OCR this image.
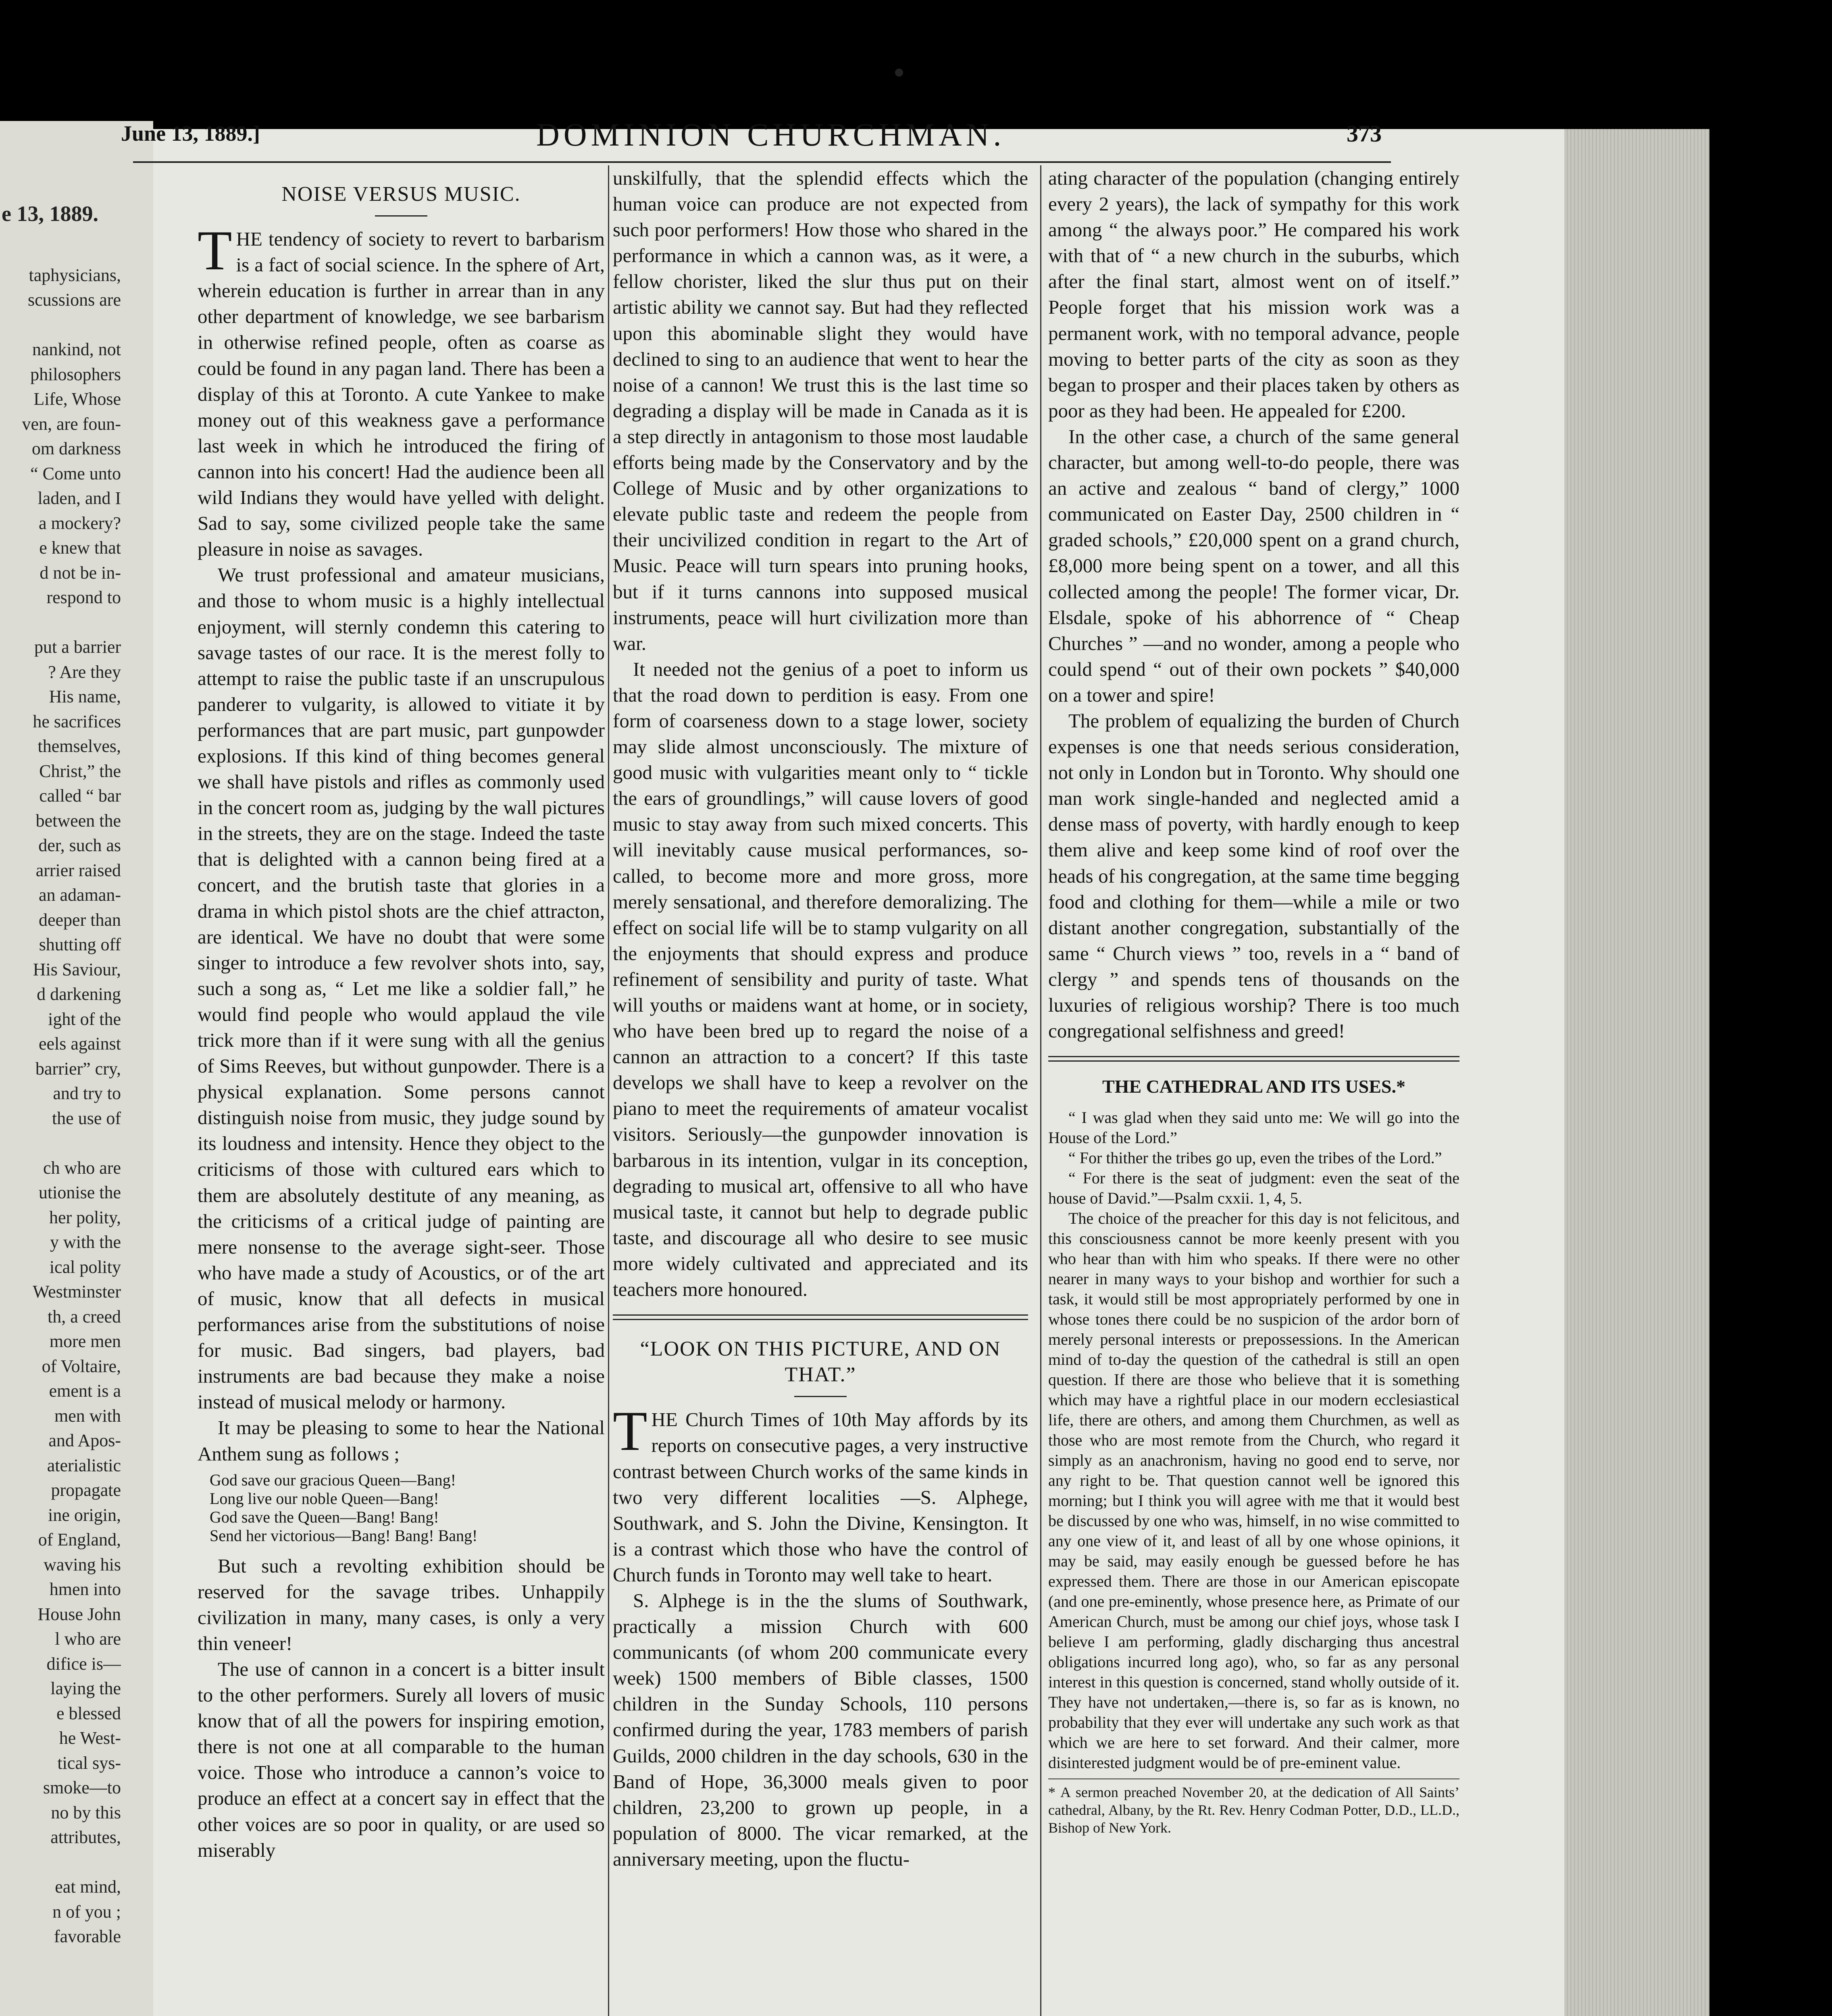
e 13, 1889.
taphysicians,
scussions are

nankind, not
philosophers
Life, Whose
ven, are foun-
om darkness
“ Come unto
laden, and I
a mockery?
e knew that
d not be in-
respond to

put a barrier
? Are they
His name,
he sacrifices
themselves,
Christ,” the
called “ bar
between the
der, such as
arrier raised
an adaman-
deeper than
shutting off
His Saviour,
d darkening
ight of the
eels against
barrier” cry,
and try to
the use of

ch who are
utionise the
her polity,
y with the
ical polity
Westminster
th, a creed
more men
of Voltaire,
ement is a
men with
and Apos-
aterialistic
propagate
ine origin,
of England,
waving his
hmen into
House John
l who are
difice is—
laying the
e blessed
he West-
tical sys-
smoke—to
no by this
attributes,

eat mind,
n of you ;
favorable
June 13, 1889.]	DOMINION CHURCHMAN.	373
NOISE VERSUS MUSIC.

THE tendency of society to revert to barbarism is a fact of social science. In the sphere of Art, wherein education is further in arrear than in any other department of knowledge, we see barbarism in otherwise refined people, often as coarse as could be found in any pagan land. There has been a display of this at Toronto. A cute Yankee to make money out of this weakness gave a performance last week in which he introduced the firing of cannon into his concert! Had the audience been all wild Indians they would have yelled with delight. Sad to say, some civilized people take the same pleasure in noise as savages.

We trust professional and amateur musicians, and those to whom music is a highly intellectual enjoyment, will sternly condemn this catering to savage tastes of our race. It is the merest folly to attempt to raise the public taste if an unscrupulous panderer to vulgarity, is allowed to vitiate it by performances that are part music, part gunpowder explosions. If this kind of thing becomes general we shall have pistols and rifles as commonly used in the concert room as, judging by the wall pictures in the streets, they are on the stage. Indeed the taste that is delighted with a cannon being fired at a concert, and the brutish taste that glories in a drama in which pistol shots are the chief attracton, are identical. We have no doubt that were some singer to introduce a few revolver shots into, say, such a song as, “ Let me like a soldier fall,” he would find people who would applaud the vile trick more than if it were sung with all the genius of Sims Reeves, but without gunpowder. There is a physical explanation. Some persons cannot distinguish noise from music, they judge sound by its loudness and intensity. Hence they object to the criticisms of those with cultured ears which to them are absolutely destitute of any meaning, as the criticisms of a critical judge of painting are mere nonsense to the average sight-seer. Those who have made a study of Acoustics, or of the art of music, know that all defects in musical performances arise from the substitutions of noise for music. Bad singers, bad players, bad instruments are bad because they make a noise instead of musical melody or harmony.

It may be pleasing to some to hear the National Anthem sung as follows ;

God save our gracious Queen—Bang!
Long live our noble Queen—Bang!
God save the Queen—Bang! Bang!
Send her victorious—Bang! Bang! Bang!

But such a revolting exhibition should be reserved for the savage tribes. Unhappily civilization in many, many cases, is only a very thin veneer!

The use of cannon in a concert is a bitter insult to the other performers. Surely all lovers of music know that of all the powers for inspiring emotion, there is not one at all comparable to the human voice. Those who introduce a cannon’s voice to produce an effect at a concert say in effect that the other voices are so poor in quality, or are used so miserably

unskilfully, that the splendid effects which the human voice can produce are not expected from such poor performers! How those who shared in the performance in which a cannon was, as it were, a fellow chorister, liked the slur thus put on their artistic ability we cannot say. But had they reflected upon this abominable slight they would have declined to sing to an audience that went to hear the noise of a cannon! We trust this is the last time so degrading a display will be made in Canada as it is a step directly in antagonism to those most laudable efforts being made by the Conservatory and by the College of Music and by other organizations to elevate public taste and redeem the people from their uncivilized condition in regart to the Art of Music. Peace will turn spears into pruning hooks, but if it turns cannons into supposed musical instruments, peace will hurt civilization more than war.

It needed not the genius of a poet to inform us that the road down to perdition is easy. From one form of coarseness down to a stage lower, society may slide almost unconsciously. The mixture of good music with vulgarities meant only to “ tickle the ears of groundlings,” will cause lovers of good music to stay away from such mixed concerts. This will inevitably cause musical performances, so-called, to become more and more gross, more merely sensational, and therefore demoralizing. The effect on social life will be to stamp vulgarity on all the enjoyments that should express and produce refinement of sensibility and purity of taste. What will youths or maidens want at home, or in society, who have been bred up to regard the noise of a cannon an attraction to a concert? If this taste develops we shall have to keep a revolver on the piano to meet the requirements of amateur vocalist visitors. Seriously—the gunpowder innovation is barbarous in its intention, vulgar in its conception, degrading to musical art, offensive to all who have musical taste, it cannot but help to degrade public taste, and discourage all who desire to see music more widely cultivated and appreciated and its teachers more honoured.

“LOOK ON THIS PICTURE, AND ON THAT.”

THE Church Times of 10th May affords by its reports on consecutive pages, a very instructive contrast between Church works of the same kinds in two very different localities —S. Alphege, Southwark, and S. John the Divine, Kensington. It is a contrast which those who have the control of Church funds in Toronto may well take to heart.

S. Alphege is in the the slums of Southwark, practically a mission Church with 600 communicants (of whom 200 communicate every week) 1500 members of Bible classes, 1500 children in the Sunday Schools, 110 persons confirmed during the year, 1783 members of parish Guilds, 2000 children in the day schools, 630 in the Band of Hope, 36,3000 meals given to poor children, 23,200 to grown up people, in a population of 8000. The vicar remarked, at the anniversary meeting, upon the fluctu-

ating character of the population (changing entirely every 2 years), the lack of sympathy for this work among “ the always poor.” He compared his work with that of “ a new church in the suburbs, which after the final start, almost went on of itself.” People forget that his mission work was a permanent work, with no temporal advance, people moving to better parts of the city as soon as they began to prosper and their places taken by others as poor as they had been. He appealed for £200.

In the other case, a church of the same general character, but among well-to-do people, there was an active and zealous “ band of clergy,” 1000 communicated on Easter Day, 2500 children in “ graded schools,” £20,000 spent on a grand church, £8,000 more being spent on a tower, and all this collected among the people! The former vicar, Dr. Elsdale, spoke of his abhorrence of “ Cheap Churches ” —and no wonder, among a people who could spend “ out of their own pockets ” $40,000 on a tower and spire!

The problem of equalizing the burden of Church expenses is one that needs serious consideration, not only in London but in Toronto. Why should one man work single-handed and neglected amid a dense mass of poverty, with hardly enough to keep them alive and keep some kind of roof over the heads of his congregation, at the same time begging food and clothing for them—while a mile or two distant another congregation, substantially of the same “ Church views ” too, revels in a “ band of clergy ” and spends tens of thousands on the luxuries of religious worship? There is too much congregational selfishness and greed!

THE CATHEDRAL AND ITS USES.*

“ I was glad when they said unto me: We will go into the House of the Lord.”

“ For thither the tribes go up, even the tribes of the Lord.”

“ For there is the seat of judgment: even the seat of the house of David.”—Psalm cxxii. 1, 4, 5.

The choice of the preacher for this day is not felicitous, and this consciousness cannot be more keenly present with you who hear than with him who speaks. If there were no other nearer in many ways to your bishop and worthier for such a task, it would still be most appropriately performed by one in whose tones there could be no suspicion of the ardor born of merely personal interests or prepossessions. In the American mind of to-day the question of the cathedral is still an open question. If there are those who believe that it is something which may have a rightful place in our modern ecclesiastical life, there are others, and among them Churchmen, as well as those who are most remote from the Church, who regard it simply as an anachronism, having no good end to serve, nor any right to be. That question cannot well be ignored this morning; but I think you will agree with me that it would best be discussed by one who was, himself, in no wise committed to any one view of it, and least of all by one whose opinions, it may be said, may easily enough be guessed before he has expressed them. There are those in our American episcopate (and one pre-eminently, whose presence here, as Primate of our American Church, must be among our chief joys, whose task I believe I am performing, gladly discharging thus ancestral obligations incurred long ago), who, so far as any personal interest in this question is concerned, stand wholly outside of it. They have not undertaken,—there is, so far as is known, no probability that they ever will undertake any such work as that which we are here to set forward. And their calmer, more disinterested judgment would be of pre-eminent value.

* A sermon preached November 20, at the dedication of All Saints’ cathedral, Albany, by the Rt. Rev. Henry Codman Potter, D.D., LL.D., Bishop of New York.
